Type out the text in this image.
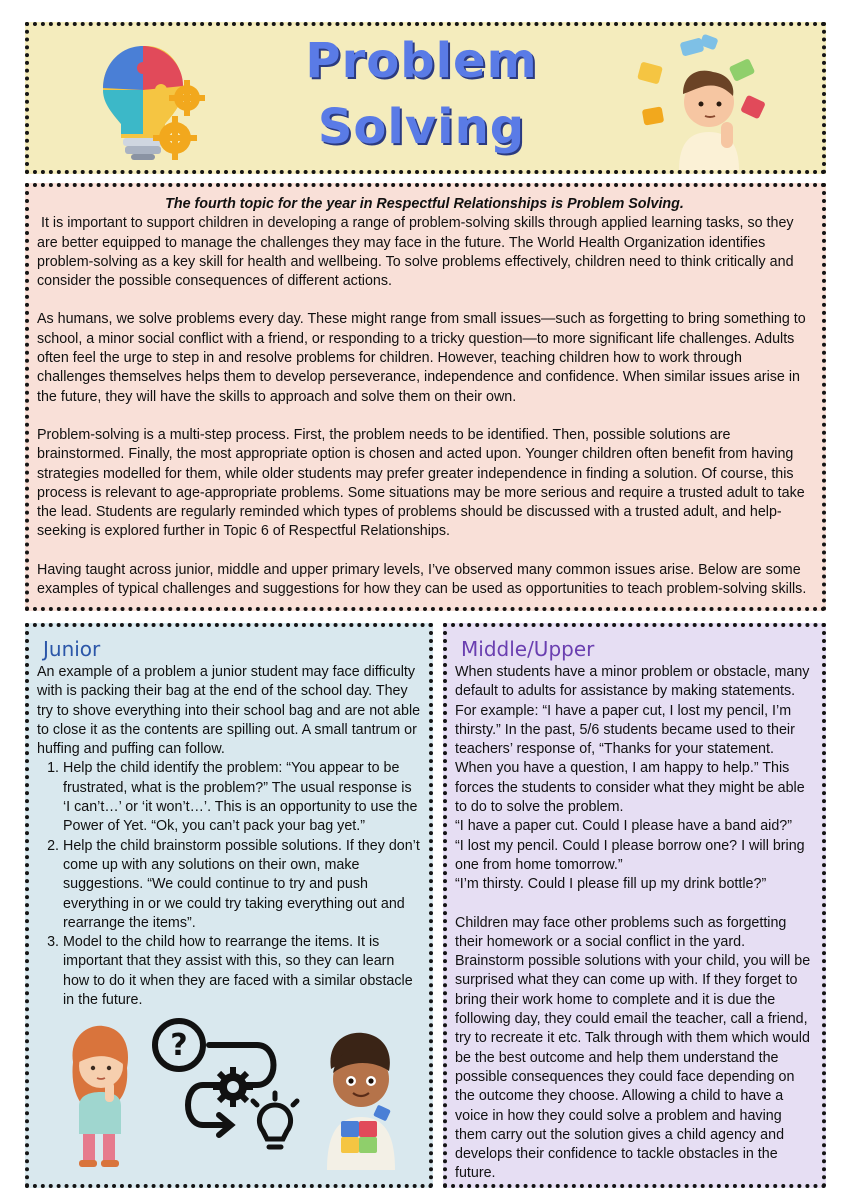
Problem
Solving

The fourth topic for the year in Respectful Relationships is Problem Solving.

It is important to support children in developing a range of problem-solving skills through applied learning tasks, so they are better equipped to manage the challenges they may face in the future. The World Health Organization identifies problem-solving as a key skill for health and wellbeing. To solve problems effectively, children need to think critically and consider the possible consequences of different actions.

As humans, we solve problems every day. These might range from small issues—such as forgetting to bring something to school, a minor social conflict with a friend, or responding to a tricky question—to more significant life challenges. Adults often feel the urge to step in and resolve problems for children. However, teaching children how to work through challenges themselves helps them to develop perseverance, independence and confidence. When similar issues arise in the future, they will have the skills to approach and solve them on their own.

Problem-solving is a multi-step process. First, the problem needs to be identified. Then, possible solutions are brainstormed. Finally, the most appropriate option is chosen and acted upon. Younger children often benefit from having strategies modelled for them, while older students may prefer greater independence in finding a solution. Of course, this process is relevant to age-appropriate problems. Some situations may be more serious and require a trusted adult to take the lead. Students are regularly reminded which types of problems should be discussed with a trusted adult, and help-seeking is explored further in Topic 6 of Respectful Relationships.

Having taught across junior, middle and upper primary levels, I’ve observed many common issues arise. Below are some examples of typical challenges and suggestions for how they can be used as opportunities to teach problem-solving skills.

Junior

An example of a problem a junior student may face difficulty with is packing their bag at the end of the school day. They try to shove everything into their school bag and are not able to close it as the contents are spilling out. A small tantrum or huffing and puffing can follow.

1. Help the child identify the problem: “You appear to be frustrated, what is the problem?” The usual response is ‘I can’t…’ or ‘it won’t…’. This is an opportunity to use the Power of Yet. “Ok, you can’t pack your bag yet.”
2. Help the child brainstorm possible solutions. If they don’t come up with any solutions on their own, make suggestions. “We could continue to try and push everything in or we could try taking everything out and rearrange the items”.
3. Model to the child how to rearrange the items. It is important that they assist with this, so they can learn how to do it when they are faced with a similar obstacle in the future.
?
Middle/Upper

When students have a minor problem or obstacle, many default to adults for assistance by making statements. For example: “I have a paper cut, I lost my pencil, I’m thirsty.” In the past, 5/6 students became used to their teachers’ response of, “Thanks for your statement. When you have a question, I am happy to help.” This forces the students to consider what they might be able to do to solve the problem.

“I have a paper cut. Could I please have a band aid?”

“I lost my pencil. Could I please borrow one? I will bring one from home tomorrow.”

“I’m thirsty. Could I please fill up my drink bottle?”

Children may face other problems such as forgetting their homework or a social conflict in the yard. Brainstorm possible solutions with your child, you will be surprised what they can come up with. If they forget to bring their work home to complete and it is due the following day, they could email the teacher, call a friend, try to recreate it etc. Talk through with them which would be the best outcome and help them understand the possible consequences they could face depending on the outcome they choose. Allowing a child to have a voice in how they could solve a problem and having them carry out the solution gives a child agency and develops their confidence to tackle obstacles in the future.
